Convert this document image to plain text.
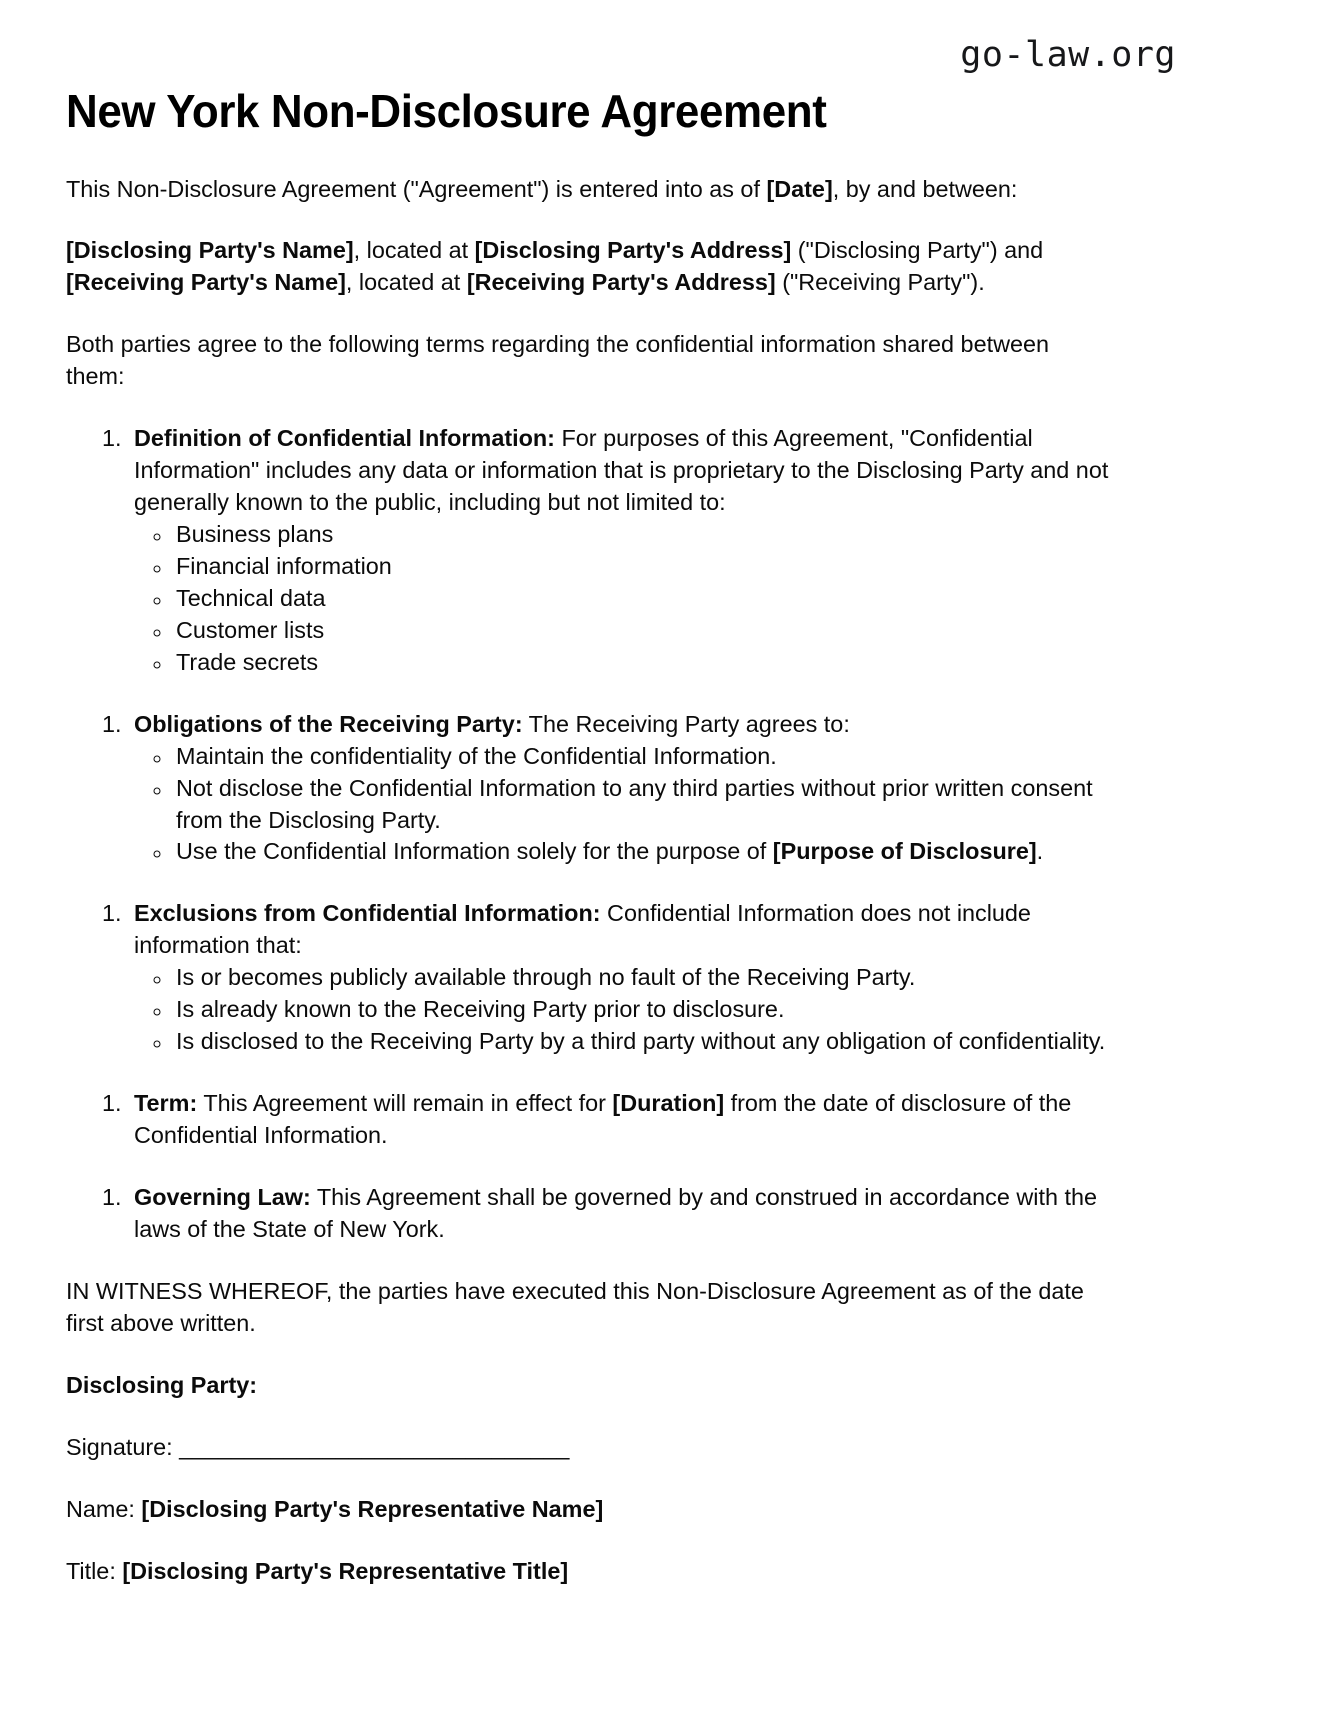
go-law.org
New York Non-Disclosure Agreement

This Non-Disclosure Agreement ("Agreement") is entered into as of [Date], by and between:

[Disclosing Party's Name], located at [Disclosing Party's Address] ("Disclosing Party") and [Receiving Party's Name], located at [Receiving Party's Address] ("Receiving Party").

Both parties agree to the following terms regarding the confidential information shared between them:

1. Definition of Confidential Information: For purposes of this Agreement, "Confidential Information" includes any data or information that is proprietary to the Disclosing Party and not generally known to the public, including but not limited to:
◦ Business plans
◦ Financial information
◦ Technical data
◦ Customer lists
◦ Trade secrets
1. Obligations of the Receiving Party: The Receiving Party agrees to:
◦ Maintain the confidentiality of the Confidential Information.
◦ Not disclose the Confidential Information to any third parties without prior written consent from the Disclosing Party.
◦ Use the Confidential Information solely for the purpose of [Purpose of Disclosure].
1. Exclusions from Confidential Information: Confidential Information does not include information that:
◦ Is or becomes publicly available through no fault of the Receiving Party.
◦ Is already known to the Receiving Party prior to disclosure.
◦ Is disclosed to the Receiving Party by a third party without any obligation of confidentiality.
1. Term: This Agreement will remain in effect for [Duration] from the date of disclosure of the Confidential Information.
1. Governing Law: This Agreement shall be governed by and construed in accordance with the laws of the State of New York.

IN WITNESS WHEREOF, the parties have executed this Non-Disclosure Agreement as of the date first above written.

Disclosing Party:

Signature: ______________________________

Name: [Disclosing Party's Representative Name]

Title: [Disclosing Party's Representative Title]
